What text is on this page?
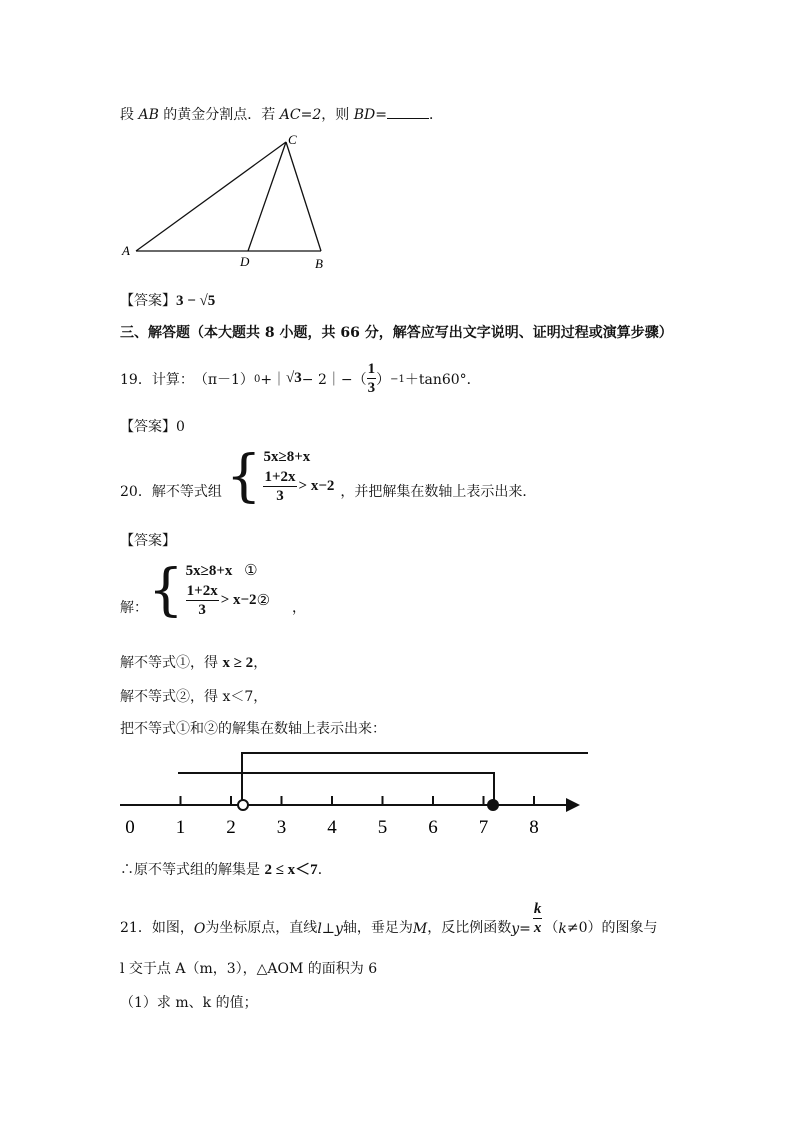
段 AB 的黄金分割点．若 AC=2，则 BD=	．
C
A
D	B
【答案】3 − √5
三、解答题（本大题共 8 小题，共 66 分，解答应写出文字说明、证明过程或演算步骤）
19．计算： （π－1） 0 +｜ √3 − 2｜−（ $\frac{1}{3}$ ） −1 ＋tan60°．
【答案】0
20．解不等式组 { 5x≥8+x
$\frac{1+2x}{3} > x-2$ ，并把解集在数轴上表示出来．
【答案】
解： { 5x≥8+x ①
$\frac{1+2x}{3} > x-2$ ② ，
解不等式①，得 x ≥ 2，
解不等式②，得 x＜7，
把不等式①和②的解集在数轴上表示出来：
0 1 2 3 4 5 6 7 8
∴原不等式组的解集是 2 ≤ x＜7．
21．如图， O 为坐标原点，直线 l ⊥ y 轴，垂足为 M ，反比例函数 $y = \frac{k}{x}$ （ k ≠0）的图象与
l 交于点 A（m，3），△AOM 的面积为 6
（1）求 m、k 的值；
